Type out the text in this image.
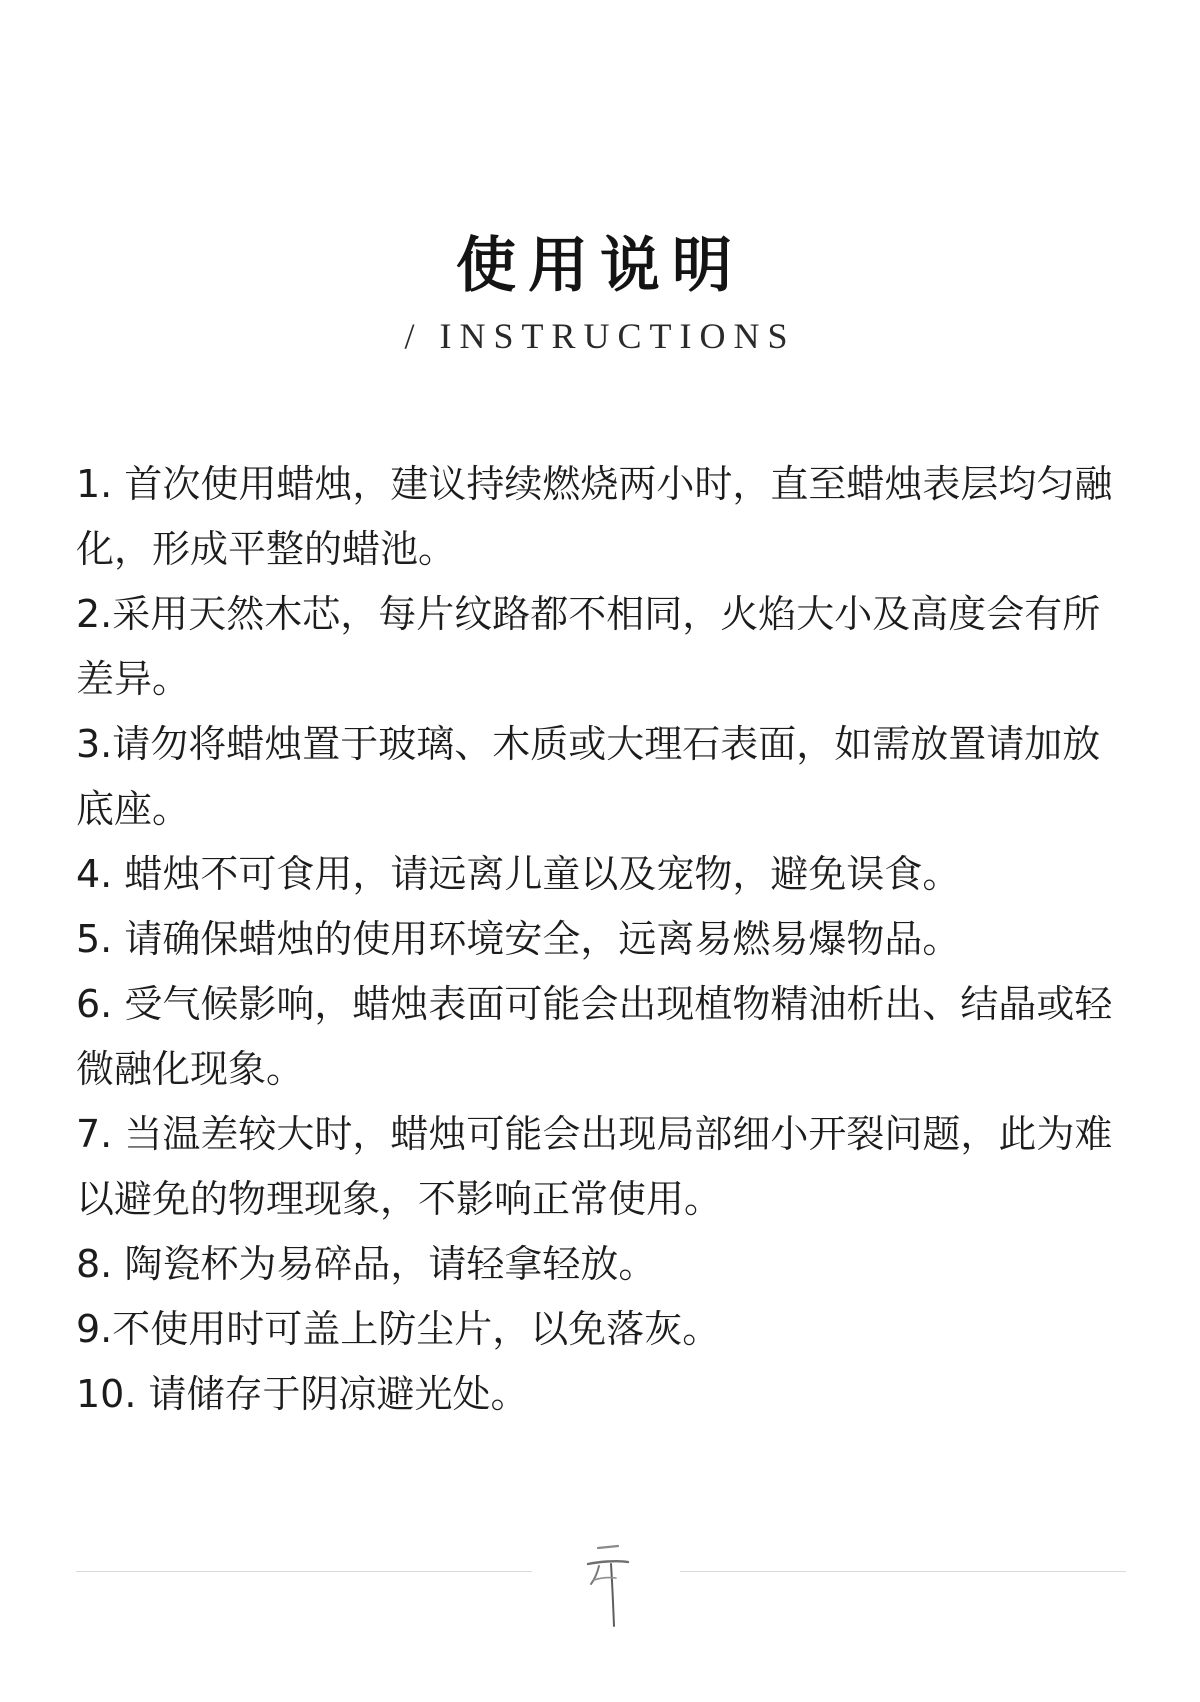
使用说明
/ INSTRUCTIONS
1. 首次使用蜡烛，建议持续燃烧两小时，直至蜡烛表层均匀融化，形成平整的蜡池。
2.采用天然木芯，每片纹路都不相同，火焰大小及高度会有所差异。
3.请勿将蜡烛置于玻璃、木质或大理石表面，如需放置请加放底座。
4. 蜡烛不可食用，请远离儿童以及宠物，避免误食。
5. 请确保蜡烛的使用环境安全，远离易燃易爆物品。
6. 受气候影响，蜡烛表面可能会出现植物精油析出、结晶或轻微融化现象。
7. 当温差较大时，蜡烛可能会出现局部细小开裂问题，此为难以避免的物理现象，不影响正常使用。
8. 陶瓷杯为易碎品，请轻拿轻放。
9.不使用时可盖上防尘片，以免落灰。
10. 请储存于阴凉避光处。
